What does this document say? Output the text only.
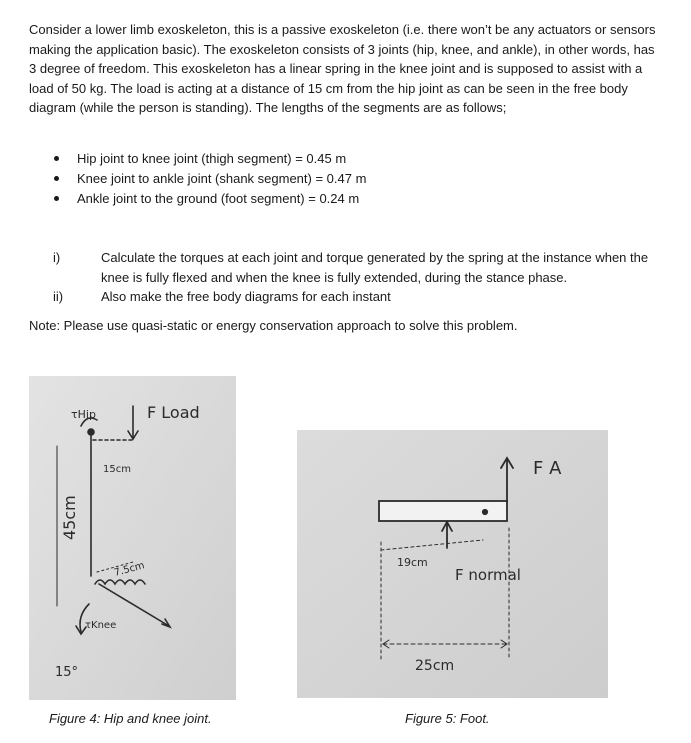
Consider a lower limb exoskeleton, this is a passive exoskeleton (i.e. there won’t be any actuators or sensors making the application basic). The exoskeleton consists of 3 joints (hip, knee, and ankle), in other words, has 3 degree of freedom. This exoskeleton has a linear spring in the knee joint and is supposed to assist with a load of 50 kg. The load is acting at a distance of 15 cm from the hip joint as can be seen in the free body diagram (while the person is standing). The lengths of the segments are as follows;

Hip joint to knee joint (thigh segment) = 0.45 m
Knee joint to ankle joint (shank segment) = 0.47 m
Ankle joint to the ground (foot segment) = 0.24 m
i)	Calculate the torques at each joint and torque generated by the spring at the instance when the knee is fully flexed and when the knee is fully extended, during the stance phase.
ii)	Also make the free body diagrams for each instant
Note: Please use quasi-static or energy conservation approach to solve this problem.
τHip	F Load
15cm
45cm
7.5cm
τKnee
15°
Figure 4: Hip and knee joint.
F A
19cm
F normal
25cm
Figure 5: Foot.
